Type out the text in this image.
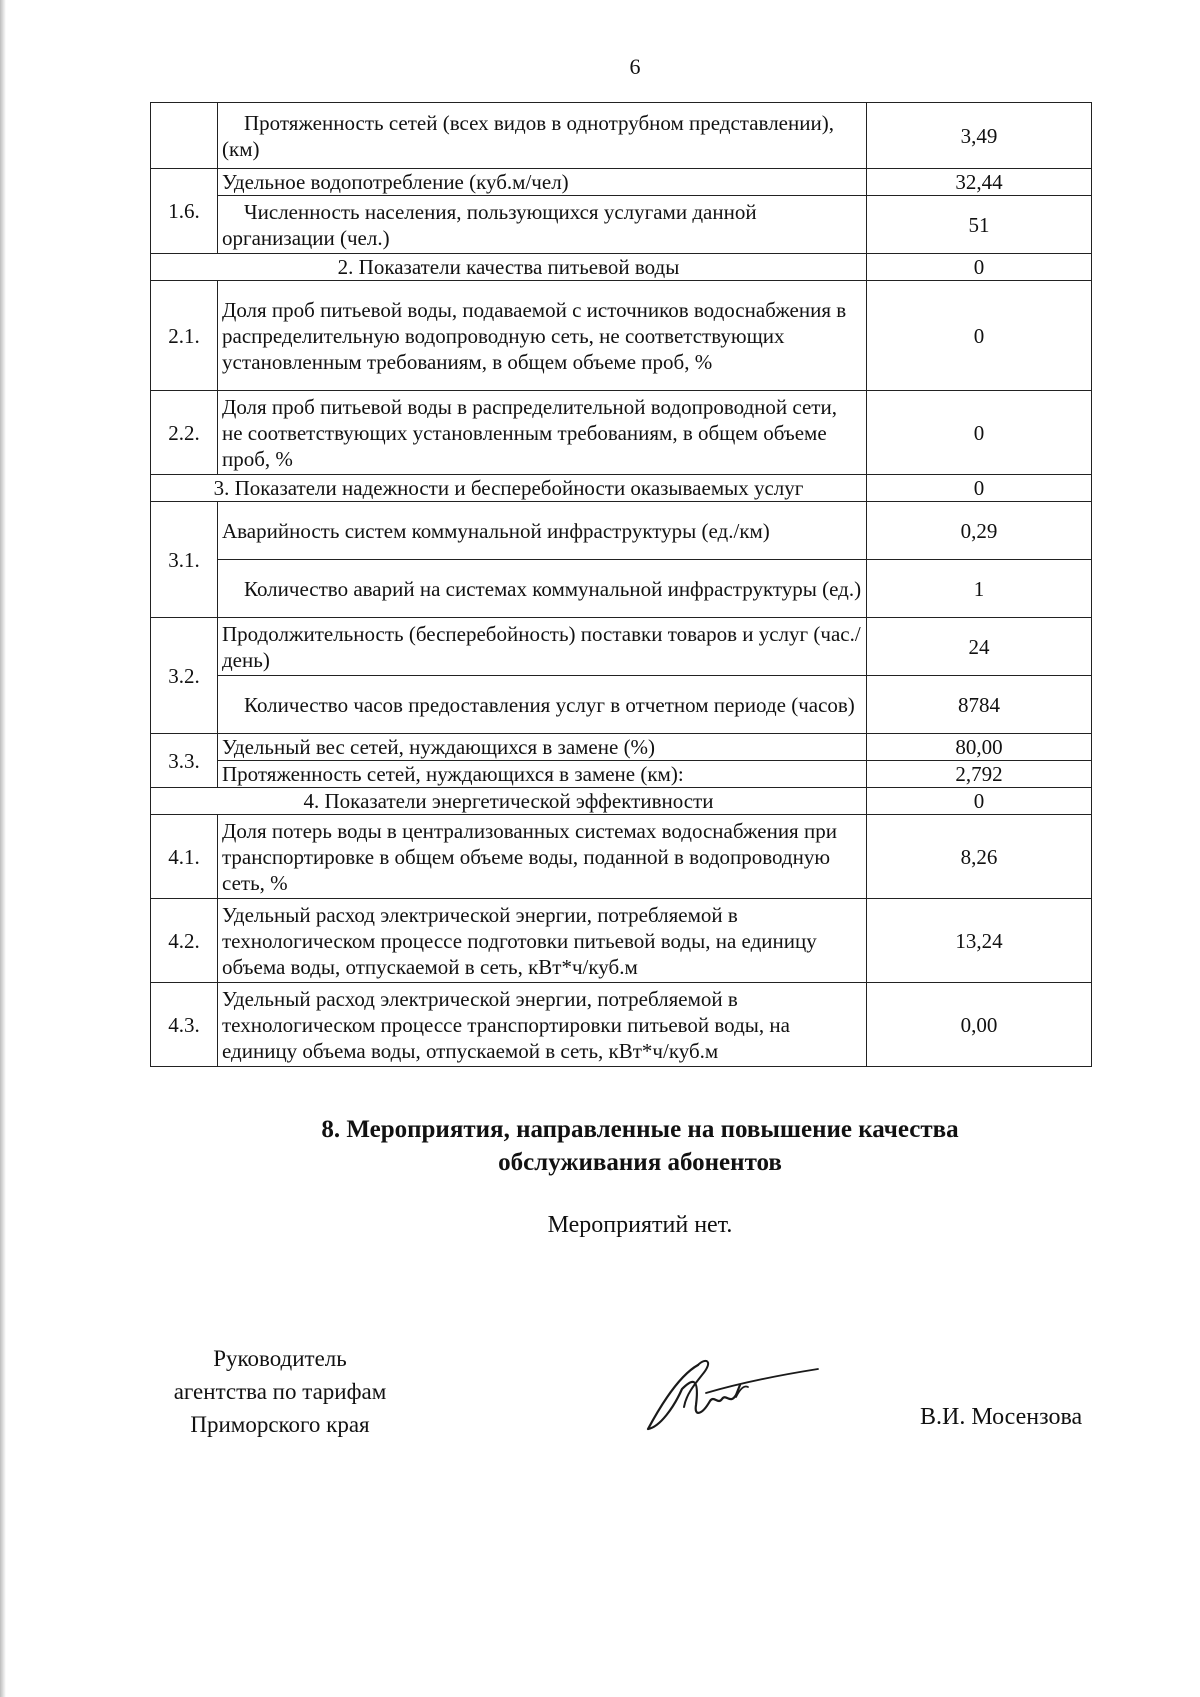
6
	Протяженность сетей (всех видов в однотрубном представлении), (км)	3,49
1.6.	Удельное водопотребление (куб.м/чел)	32,44
	Численность населения, пользующихся услугами данной организации (чел.)	51
2. Показатели качества питьевой воды		0
2.1.	Доля проб питьевой воды, подаваемой с источников водоснабжения в распределительную водопроводную сеть, не соответствующих установленным требованиям, в общем объеме проб, %	0
2.2.	Доля проб питьевой воды в распределительной водопроводной сети, не соответствующих установленным требованиям, в общем объеме проб, %	0
3. Показатели надежности и бесперебойности оказываемых услуг		0
3.1.	Аварийность систем коммунальной инфраструктуры (ед./км)	0,29
	Количество аварий на системах коммунальной инфраструктуры (ед.)	1
3.2.	Продолжительность (бесперебойность) поставки товаров и услуг (час./день)	24
	Количество часов предоставления услуг в отчетном периоде (часов)	8784
3.3.	Удельный вес сетей, нуждающихся в замене (%)	80,00
	Протяженность сетей, нуждающихся в замене (км):	2,792
4. Показатели энергетической эффективности		0
4.1.	Доля потерь воды в централизованных системах водоснабжения при транспортировке в общем объеме воды, поданной в водопроводную сеть, %	8,26
4.2.	Удельный расход электрической энергии, потребляемой в технологическом процессе подготовки питьевой воды, на единицу объема воды, отпускаемой в сеть, кВт*ч/куб.м	13,24
4.3.	Удельный расход электрической энергии, потребляемой в технологическом процессе транспортировки питьевой воды, на единицу объема воды, отпускаемой в сеть, кВт*ч/куб.м	0,00
8. Мероприятия, направленные на повышение качества
обслуживания абонентов
Мероприятий нет.
Руководитель
агентства по тарифам
Приморского края	В.И. Мосензова
